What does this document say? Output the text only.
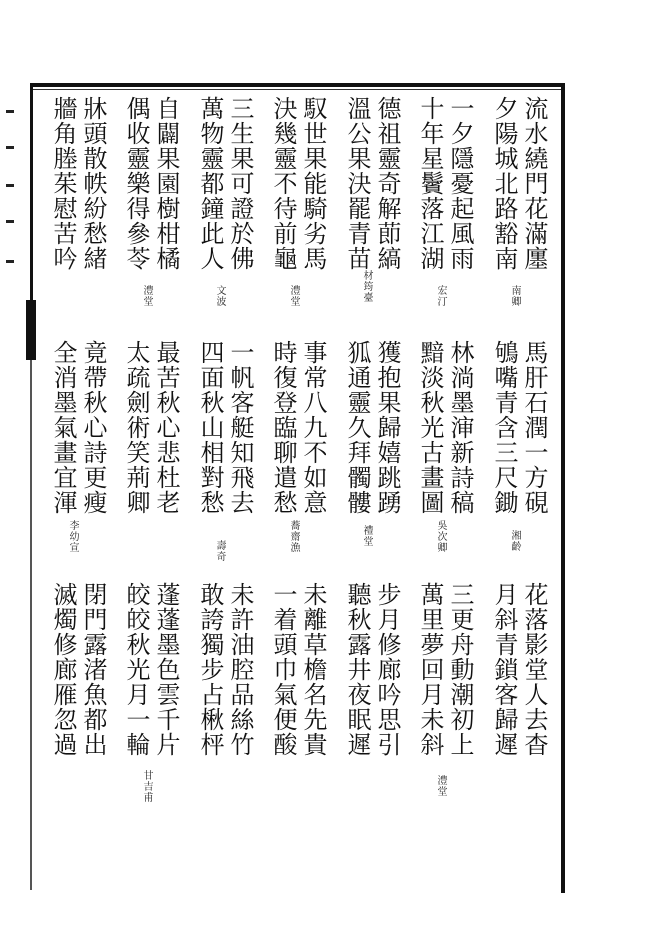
流水繞門花滿廛
夕陽城北路豁南
一夕隱憂起風雨
十年星鬢落江湖
德祖靈奇解莭縞
溫公果決罷青苗
馭世果能騎劣馬
決幾靈不待前龜
三生果可證於佛
萬物靈都鐘此人
自闢果園樹柑橘
偶收靈樂得參苓
牀頭散帙紛愁緒
牆角塍茱慰苦吟
南卿
宏汀
材筠臺
澧堂
文波
澧堂
馬肝石潤一方硯
鴝嘴青含三尺鋤
林淌墨渖新詩稿
黯淡秋光古畫圖
獲抱果歸嬉跳踴
狐通靈久拜髑髏
事常八九不如意
時復登臨聊遣愁
一帆客艇知飛去
四面秋山相對愁
最苦秋心悲杜老
太疏劍術笑荊卿
竟帶秋心詩更瘦
全消墨氣畫宜渾
湘齡
吳次卿
禮堂
蕎齋漁
壽奇
李幼宣
花落影堂人去杳
月斜青鎖客歸遲
三更舟動潮初上
萬里夢回月未斜
步月修廊吟思引
聽秋露井夜眠遲
未離草檐名先貴
一着頭巾氣便酸
未許油腔品絲竹
敢誇獨步占楸枰
蓬蓬墨色雲千片
皎皎秋光月一輪
閉門露渚魚都出
滅燭修廊雁忽過
澧堂
甘吉甫
